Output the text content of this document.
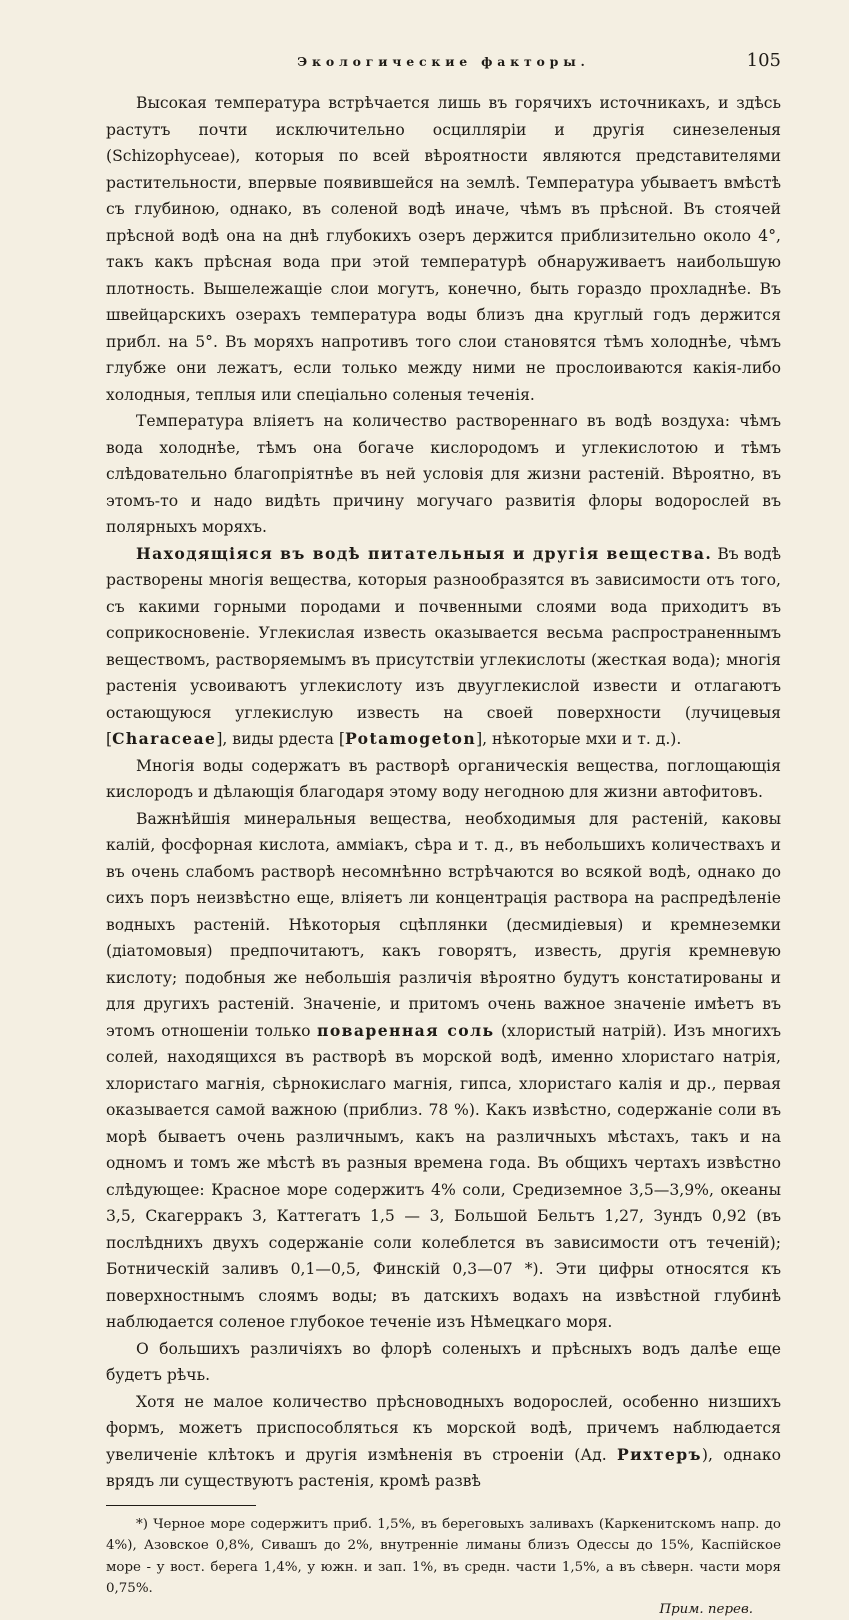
Экологические факторы.	105

Высокая температура встрѣчается лишь въ горячихъ источникахъ, и здѣсь растутъ почти исключительно осцилляріи и другія синезеленыя (Schizophyceae), которыя по всей вѣроятности являются представителями растительности, впервые появившейся на землѣ. Температура убываетъ вмѣстѣ съ глубиною, однако, въ соленой водѣ иначе, чѣмъ въ прѣсной. Въ стоячей прѣсной водѣ она на днѣ глубокихъ озеръ держится приблизительно около 4°, такъ какъ прѣсная вода при этой температурѣ обнаруживаетъ наибольшую плотность. Вышележащіе слои могутъ, конечно, быть гораздо прохладнѣе. Въ швейцарскихъ озерахъ температура воды близъ дна круглый годъ держится прибл. на 5°. Въ моряхъ напротивъ того слои становятся тѣмъ холоднѣе, чѣмъ глубже они лежатъ, если только между ними не прослоиваются какія-либо холодныя, теплыя или спеціально соленыя теченія.

Температура вліяетъ на количество раствореннаго въ водѣ воздуха: чѣмъ вода холоднѣе, тѣмъ она богаче кислородомъ и углекислотою и тѣмъ слѣдовательно благопріятнѣе въ ней условія для жизни растеній. Вѣроятно, въ этомъ-то и надо видѣть причину могучаго развитія флоры водорослей въ полярныхъ моряхъ.

Находящіяся въ водѣ питательныя и другія вещества. Въ водѣ растворены многія вещества, которыя разнообразятся въ зависимости отъ того, съ какими горными породами и почвенными слоями вода приходитъ въ соприкосновеніе. Углекислая известь оказывается весьма распространеннымъ веществомъ, растворяемымъ въ присутствіи углекислоты (жесткая вода); многія растенія усвоиваютъ углекислоту изъ двууглекислой извести и отлагаютъ остающуюся углекислую известь на своей поверхности (лучицевыя [Characeae], виды рдеста [Potamogeton], нѣкоторые мхи и т. д.).

Многія воды содержатъ въ растворѣ органическія вещества, поглощающія кислородъ и дѣлающія благодаря этому воду негодною для жизни автофитовъ.

Важнѣйшія минеральныя вещества, необходимыя для растеній, каковы калій, фосфорная кислота, амміакъ, сѣра и т. д., въ небольшихъ количествахъ и въ очень слабомъ растворѣ несомнѣнно встрѣчаются во всякой водѣ, однако до сихъ поръ неизвѣстно еще, вліяетъ ли концентрація раствора на распредѣленіе водныхъ растеній. Нѣкоторыя сцѣплянки (десмидіевыя) и кремнеземки (діатомовыя) предпочитаютъ, какъ говорятъ, известь, другія кремневую кислоту; подобныя же небольшія различія вѣроятно будутъ констатированы и для другихъ растеній. Значеніе, и притомъ очень важное значеніе имѣетъ въ этомъ отношеніи только поваренная соль (хлористый натрій). Изъ многихъ солей, находящихся въ растворѣ въ морской водѣ, именно хлористаго натрія, хлористаго магнія, сѣрнокислаго магнія, гипса, хлористаго калія и др., первая оказывается самой важною (приблиз. 78 %). Какъ извѣстно, содержаніе соли въ морѣ бываетъ очень различнымъ, какъ на различныхъ мѣстахъ, такъ и на одномъ и томъ же мѣстѣ въ разныя времена года. Въ общихъ чертахъ извѣстно слѣдующее: Красное море содержитъ 4% соли, Средиземное 3,5—3,9%, океаны 3,5, Скагерракъ 3, Каттегатъ 1,5 — 3, Большой Бельтъ 1,27, Зундъ 0,92 (въ послѣднихъ двухъ содержаніе соли колеблется въ зависимости отъ теченій); Ботническій заливъ 0,1—0,5, Финскій 0,3—07 *). Эти цифры относятся къ поверхностнымъ слоямъ воды; въ датскихъ водахъ на извѣстной глубинѣ наблюдается соленое глубокое теченіе изъ Нѣмецкаго моря.

О большихъ различіяхъ во флорѣ соленыхъ и прѣсныхъ водъ далѣе еще будетъ рѣчь.

Хотя не малое количество прѣсноводныхъ водорослей, особенно низшихъ формъ, можетъ приспособляться къ морской водѣ, причемъ наблюдается увеличеніе клѣтокъ и другія измѣненія въ строеніи (Ад. Рихтеръ), однако врядъ ли существуютъ растенія, кромѣ развѣ

*) Черное море содержитъ приб. 1,5%, въ береговыхъ заливахъ (Каркенитскомъ напр. до 4%), Азовское 0,8%, Сивашъ до 2%, внутренніе лиманы близъ Одессы до 15%, Каспійское море - у вост. берега 1,4%, у южн. и зап. 1%, въ средн. части 1,5%, а въ сѣверн. части моря 0,75%.

Прим. перев.
